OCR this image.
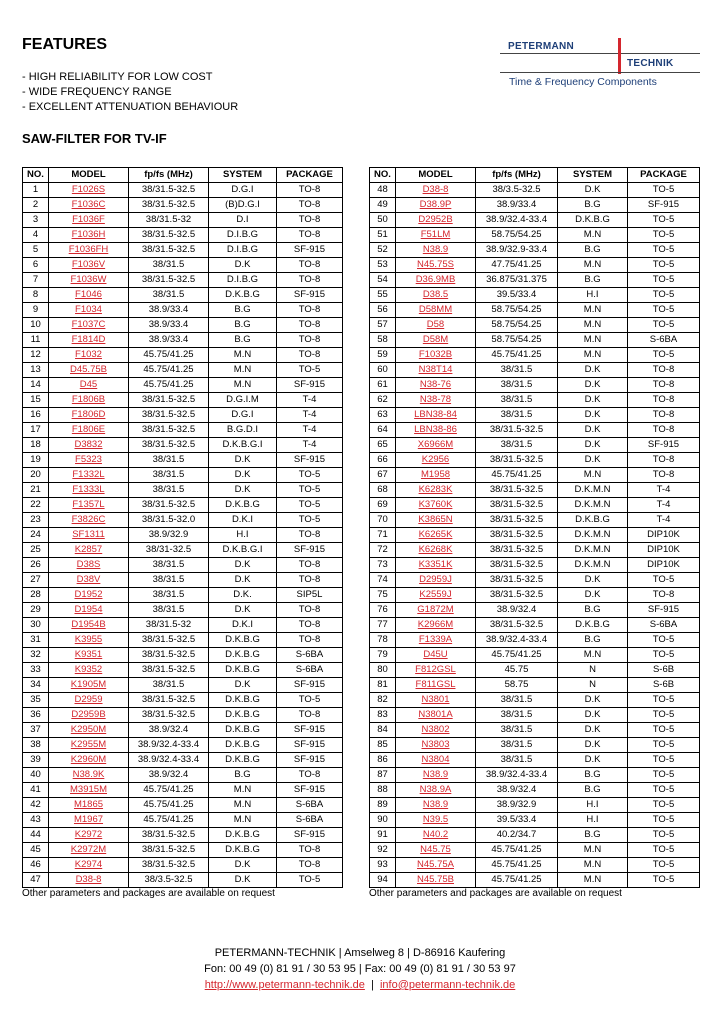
FEATURES
- HIGH RELIABILITY FOR LOW COST
- WIDE FREQUENCY RANGE
- EXCELLENT ATTENUATION BEHAVIOUR
PETERMANN
TECHNIK
Time & Frequency Components
SAW-FILTER FOR TV-IF
NO.	MODEL	fp/fs (MHz)	SYSTEM	PACKAGE
1	F1026S	38/31.5-32.5	D.G.I	TO-8
2	F1036C	38/31.5-32.5	(B)D.G.I	TO-8
3	F1036F	38/31.5-32	D.I	TO-8
4	F1036H	38/31.5-32.5	D.I.B.G	TO-8
5	F1036FH	38/31.5-32.5	D.I.B.G	SF-915
6	F1036V	38/31.5	D.K	TO-8
7	F1036W	38/31.5-32.5	D.I.B.G	TO-8
8	F1046	38/31.5	D.K.B.G	SF-915
9	F1034	38.9/33.4	B.G	TO-8
10	F1037C	38.9/33.4	B.G	TO-8
11	F1814D	38.9/33.4	B.G	TO-8
12	F1032	45.75/41.25	M.N	TO-8
13	D45.75B	45.75/41.25	M.N	TO-5
14	D45	45.75/41.25	M.N	SF-915
15	F1806B	38/31.5-32.5	D.G.I.M	T-4
16	F1806D	38/31.5-32.5	D.G.I	T-4
17	F1806E	38/31.5-32.5	B.G.D.I	T-4
18	D3832	38/31.5-32.5	D.K.B.G.I	T-4
19	F5323	38/31.5	D.K	SF-915
20	F1332L	38/31.5	D.K	TO-5
21	F1333L	38/31.5	D.K	TO-5
22	F1357L	38/31.5-32.5	D.K.B.G	TO-5
23	F3826C	38/31.5-32.0	D.K.I	TO-5
24	SF1311	38.9/32.9	H.I	TO-8
25	K2857	38/31-32.5	D.K.B.G.I	SF-915
26	D38S	38/31.5	D.K	TO-8
27	D38V	38/31.5	D.K	TO-8
28	D1952	38/31.5	D.K.	SIP5L
29	D1954	38/31.5	D.K	TO-8
30	D1954B	38/31.5-32	D.K.I	TO-8
31	K3955	38/31.5-32.5	D.K.B.G	TO-8
32	K9351	38/31.5-32.5	D.K.B.G	S-6BA
33	K9352	38/31.5-32.5	D.K.B.G	S-6BA
34	K1905M	38/31.5	D.K	SF-915
35	D2959	38/31.5-32.5	D.K.B.G	TO-5
36	D2959B	38/31.5-32.5	D.K.B.G	TO-8
37	K2950M	38.9/32.4	D.K.B.G	SF-915
38	K2955M	38.9/32.4-33.4	D.K.B.G	SF-915
39	K2960M	38.9/32.4-33.4	D.K.B.G	SF-915
40	N38.9K	38.9/32.4	B.G	TO-8
41	M3915M	45.75/41.25	M.N	SF-915
42	M1865	45.75/41.25	M.N	S-6BA
43	M1967	45.75/41.25	M.N	S-6BA
44	K2972	38/31.5-32.5	D.K.B.G	SF-915
45	K2972M	38/31.5-32.5	D.K.B.G	TO-8
46	K2974	38/31.5-32.5	D.K	TO-8
47	D38-8	38/3.5-32.5	D.K	TO-5
NO.	MODEL	fp/fs (MHz)	SYSTEM	PACKAGE
48	D38-8	38/3.5-32.5	D.K	TO-5
49	D38.9P	38.9/33.4	B.G	SF-915
50	D2952B	38.9/32.4-33.4	D.K.B.G	TO-5
51	F51LM	58.75/54.25	M.N	TO-5
52	N38.9	38.9/32.9-33.4	B.G	TO-5
53	N45.75S	47.75/41.25	M.N	TO-5
54	D36.9MB	36.875/31.375	B.G	TO-5
55	D38.5	39.5/33.4	H.I	TO-5
56	D58MM	58.75/54.25	M.N	TO-5
57	D58	58.75/54.25	M.N	TO-5
58	D58M	58.75/54.25	M.N	S-6BA
59	F1032B	45.75/41.25	M.N	TO-5
60	N38T14	38/31.5	D.K	TO-8
61	N38-76	38/31.5	D.K	TO-8
62	N38-78	38/31.5	D.K	TO-8
63	LBN38-84	38/31.5	D.K	TO-8
64	LBN38-86	38/31.5-32.5	D.K	TO-8
65	X6966M	38/31.5	D.K	SF-915
66	K2956	38/31.5-32.5	D.K	TO-8
67	M1958	45.75/41.25	M.N	TO-8
68	K6283K	38/31.5-32.5	D.K.M.N	T-4
69	K3760K	38/31.5-32.5	D.K.M.N	T-4
70	K3865N	38/31.5-32.5	D.K.B.G	T-4
71	K6265K	38/31.5-32.5	D.K.M.N	DIP10K
72	K6268K	38/31.5-32.5	D.K.M.N	DIP10K
73	K3351K	38/31.5-32.5	D.K.M.N	DIP10K
74	D2959J	38/31.5-32.5	D.K	TO-5
75	K2559J	38/31.5-32.5	D.K	TO-8
76	G1872M	38.9/32.4	B.G	SF-915
77	K2966M	38/31.5-32.5	D.K.B.G	S-6BA
78	F1339A	38.9/32.4-33.4	B.G	TO-5
79	D45U	45.75/41.25	M.N	TO-5
80	F812GSL	45.75	N	S-6B
81	F811GSL	58.75	N	S-6B
82	N3801	38/31.5	D.K	TO-5
83	N3801A	38/31.5	D.K	TO-5
84	N3802	38/31.5	D.K	TO-5
85	N3803	38/31.5	D.K	TO-5
86	N3804	38/31.5	D.K	TO-5
87	N38.9	38.9/32.4-33.4	B.G	TO-5
88	N38.9A	38.9/32.4	B.G	TO-5
89	N38.9	38.9/32.9	H.I	TO-5
90	N39.5	39.5/33.4	H.I	TO-5
91	N40.2	40.2/34.7	B.G	TO-5
92	N45.75	45.75/41.25	M.N	TO-5
93	N45.75A	45.75/41.25	M.N	TO-5
94	N45.75B	45.75/41.25	M.N	TO-5
Other parameters and packages are available on request	Other parameters and packages are available on request
PETERMANN-TECHNIK | Amselweg 8 | D-86916 Kaufering
Fon: 00 49 (0) 81 91 / 30 53 95 | Fax: 00 49 (0) 81 91 / 30 53 97
http://www.petermann-technik.de  |  info@petermann-technik.de
